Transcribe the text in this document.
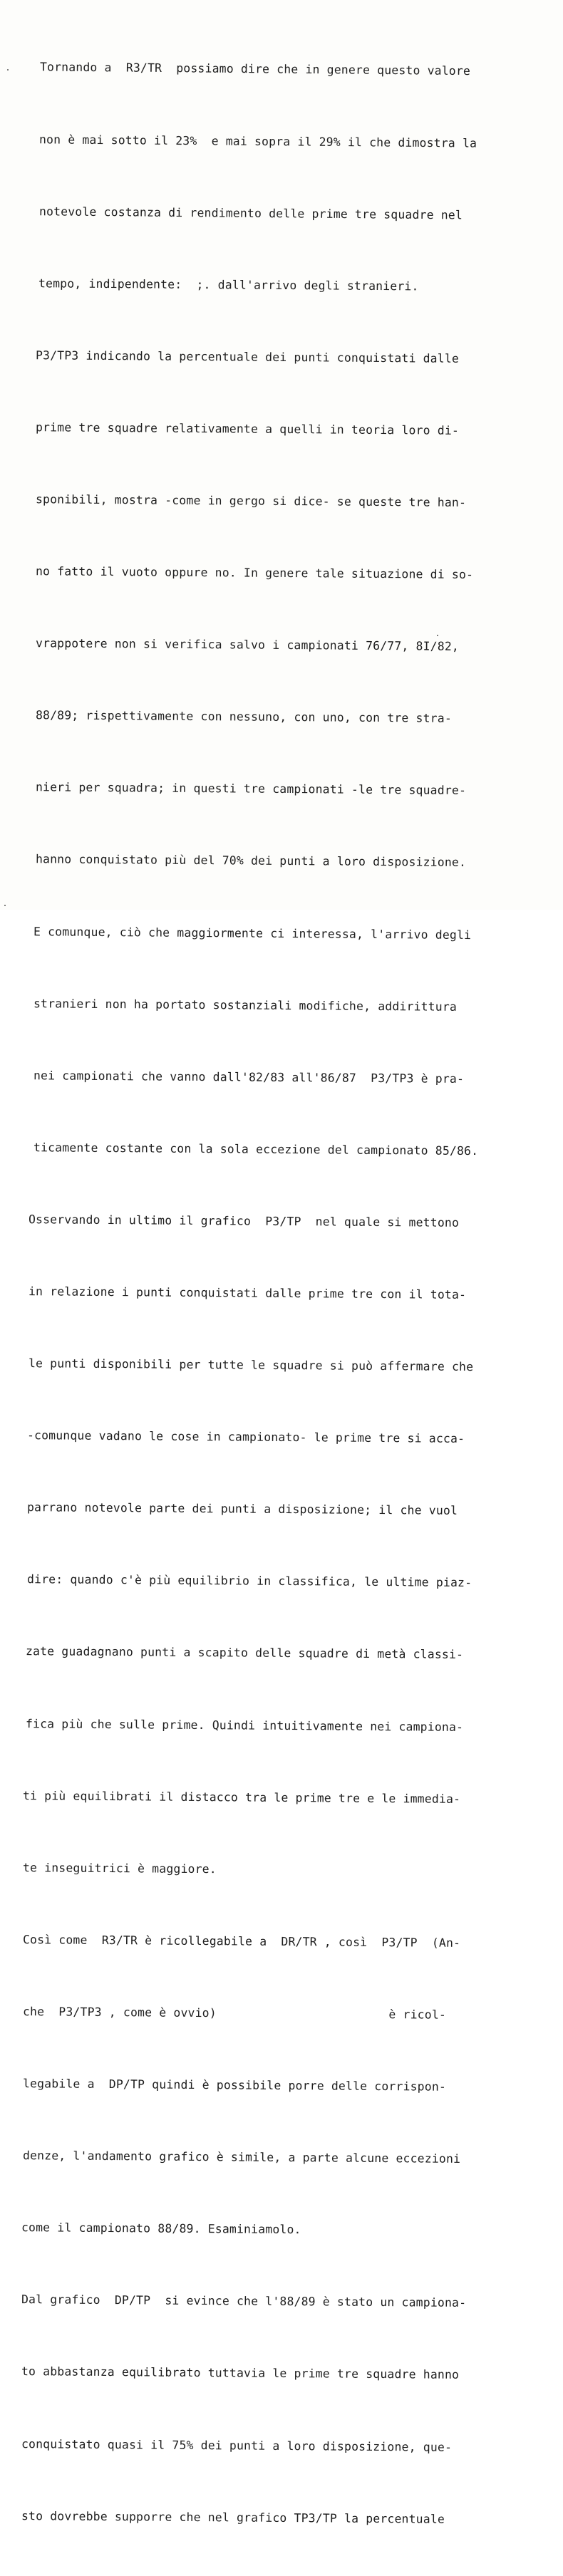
Tornando a  R3/TR  possiamo dire che in genere questo valore

non è mai sotto il 23%  e mai sopra il 29% il che dimostra la

notevole costanza di rendimento delle prime tre squadre nel

tempo, indipendente:  ;. dall'arrivo degli stranieri.

P3/TP3 indicando la percentuale dei punti conquistati dalle

prime tre squadre relativamente a quelli in teoria loro di-

sponibili, mostra -come in gergo si dice- se queste tre han-

no fatto il vuoto oppure no. In genere tale situazione di so-

vrappotere non si verifica salvo i campionati 76/77, 8I/82,

88/89; rispettivamente con nessuno, con uno, con tre stra-

nieri per squadra; in questi tre campionati -le tre squadre-

hanno conquistato più del 70% dei punti a loro disposizione.

E comunque, ciò che maggiormente ci interessa, l'arrivo degli

stranieri non ha portato sostanziali modifiche, addirittura

nei campionati che vanno dall'82/83 all'86/87  P3/TP3 è pra-

ticamente costante con la sola eccezione del campionato 85/86.

Osservando in ultimo il grafico  P3/TP  nel quale si mettono

in relazione i punti conquistati dalle prime tre con il tota-

le punti disponibili per tutte le squadre si può affermare che

-comunque vadano le cose in campionato- le prime tre si acca-

parrano notevole parte dei punti a disposizione; il che vuol

dire: quando c'è più equilibrio in classifica, le ultime piaz-

zate guadagnano punti a scapito delle squadre di metà classi-

fica più che sulle prime. Quindi intuitivamente nei campiona-

ti più equilibrati il distacco tra le prime tre e le immedia-

te inseguitrici è maggiore.

Così come  R3/TR è ricollegabile a  DR/TR , così  P3/TP  (An-

che  P3/TP3 , come è ovvio)                        è ricol-

legabile a  DP/TP quindi è possibile porre delle corrispon-

denze, l'andamento grafico è simile, a parte alcune eccezioni

come il campionato 88/89. Esaminiamolo.

Dal grafico  DP/TP  si evince che l'88/89 è stato un campiona-

to abbastanza equilibrato tuttavia le prime tre squadre hanno

conquistato quasi il 75% dei punti a loro disposizione, que-

sto dovrebbe supporre che nel grafico TP3/TP la percentuale
